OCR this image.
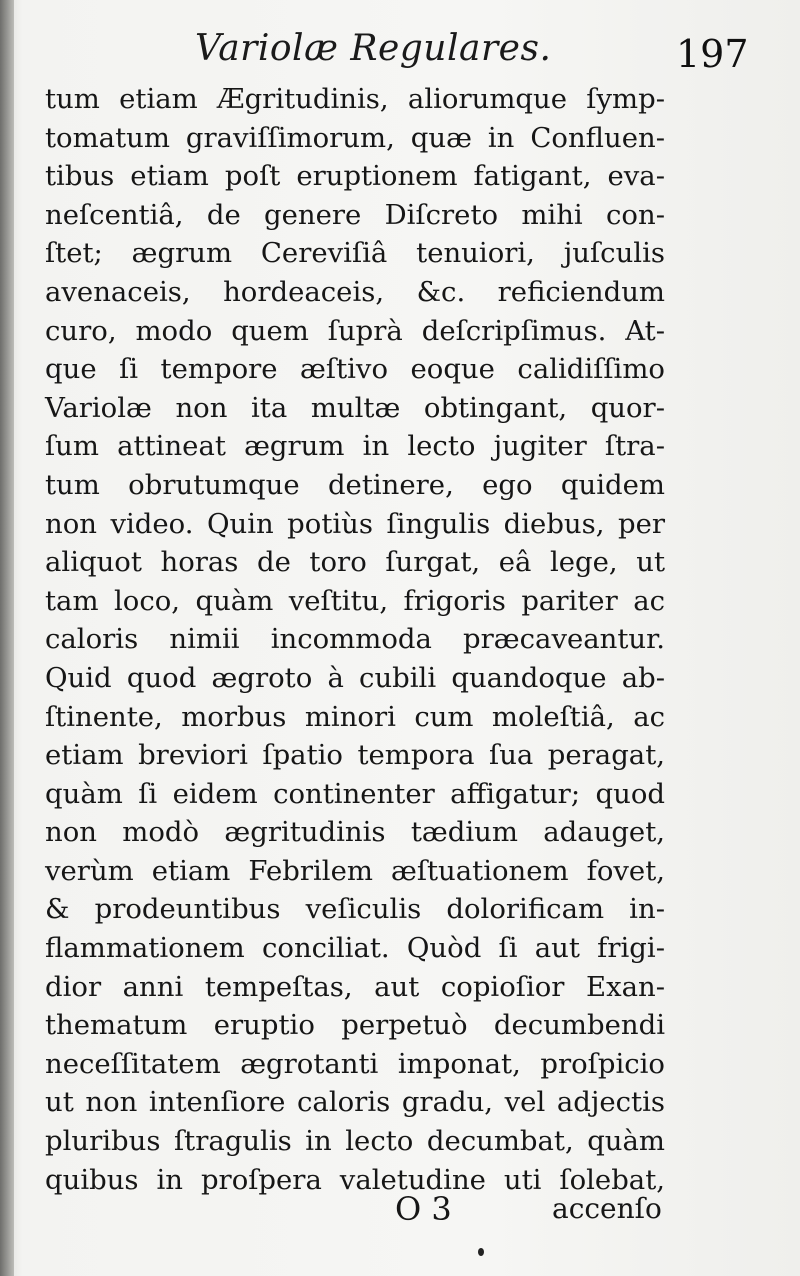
Variolæ Regulares.	197
tum etiam Ægritudinis, aliorumque ſymp-
tomatum graviſſimorum, quæ in Confluen-
tibus etiam poſt eruptionem fatigant, eva-
neſcentiâ, de genere Diſcreto mihi con-
ſtet; ægrum Cereviſiâ tenuiori, juſculis
avenaceis, hordeaceis, &c. reficiendum
curo, modo quem ſuprà deſcripſimus. At-
que ſi tempore æſtivo eoque calidiſſimo
Variolæ non ita multæ obtingant, quor-
ſum attineat ægrum in lecto jugiter ſtra-
tum obrutumque detinere, ego quidem
non video. Quin potiùs ſingulis diebus, per
aliquot horas de toro ſurgat, eâ lege, ut
tam loco, quàm veſtitu, frigoris pariter ac
caloris nimii incommoda præcaveantur.
Quid quod ægroto à cubili quandoque ab-
ſtinente, morbus minori cum moleſtiâ, ac
etiam breviori ſpatio tempora ſua peragat,
quàm ſi eidem continenter affigatur; quod
non modò ægritudinis tædium adauget,
verùm etiam Febrilem æſtuationem fovet,
& prodeuntibus veſiculis dolorificam in-
flammationem conciliat. Quòd ſi aut frigi-
dior anni tempeſtas, aut copioſior Exan-
thematum eruptio perpetuò decumbendi
neceſſitatem ægrotanti imponat, proſpicio
ut non intenſiore caloris gradu, vel adjectis
pluribus ſtragulis in lecto decumbat, quàm
quibus in proſpera valetudine uti ſolebat,
O 3	accenſo
